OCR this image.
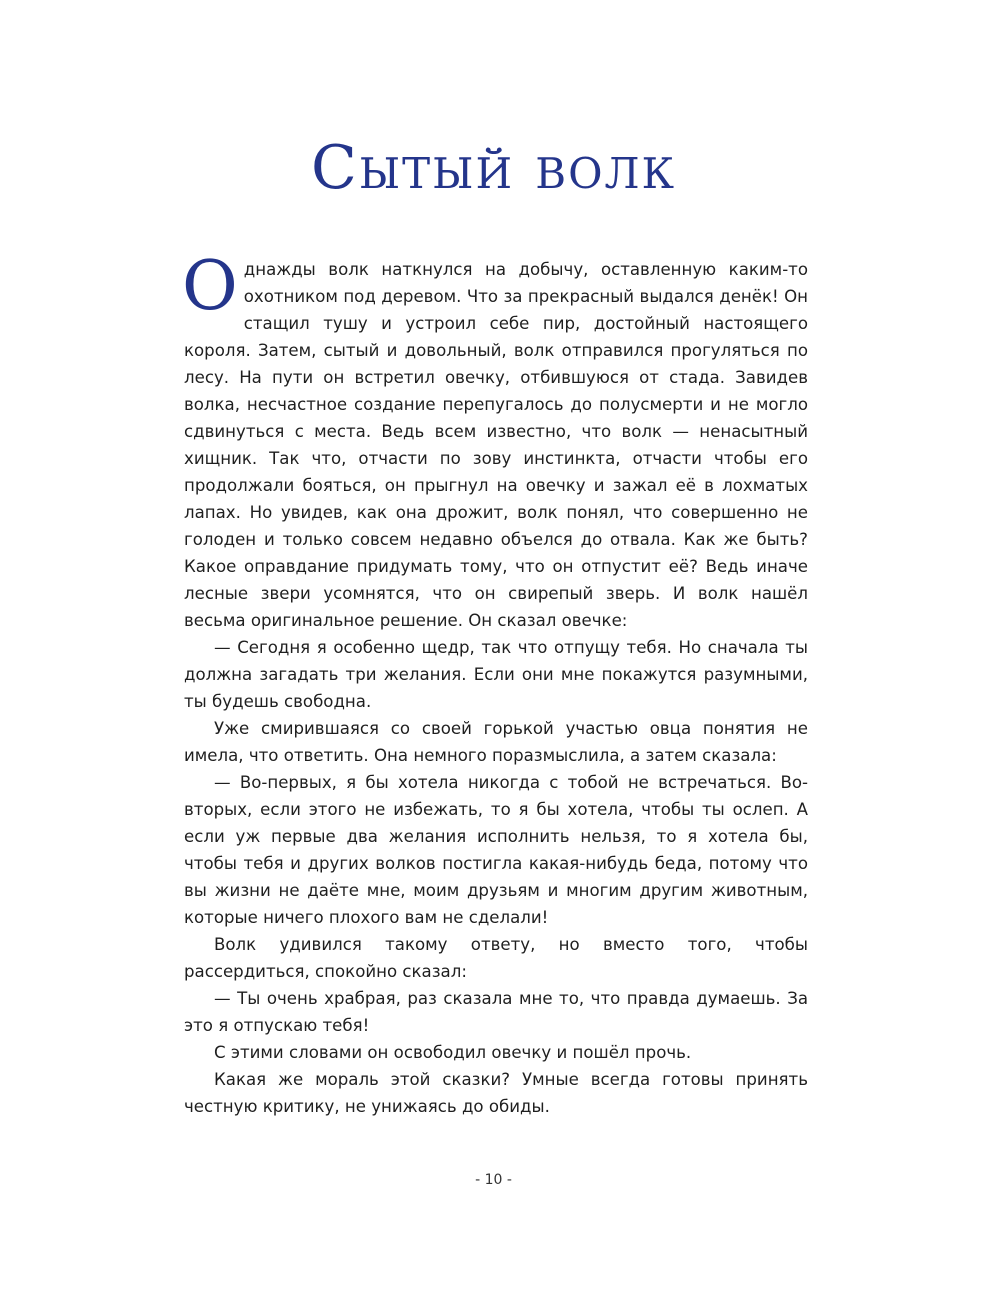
Сытый волк

Однажды волк наткнулся на добычу, оставленную каким-то охотником под деревом. Что за прекрасный выдался денёк! Он стащил тушу и устроил себе пир, достойный настоящего короля. Затем, сытый и довольный, волк отправился прогуляться по лесу. На пути он встретил овечку, отбившуюся от стада. Завидев волка, несчастное создание перепугалось до полусмерти и не могло сдвинуться с места. Ведь всем известно, что волк — ненасытный хищник. Так что, отчасти по зову инстинкта, отчасти чтобы его продолжали бояться, он прыгнул на овечку и зажал её в лохматых лапах. Но увидев, как она дрожит, волк понял, что совершенно не голоден и только совсем недавно объелся до отвала. Как же быть? Какое оправдание придумать тому, что он отпустит её? Ведь иначе лесные звери усомнятся, что он свирепый зверь. И волк нашёл весьма оригинальное решение. Он сказал овечке:

— Сегодня я особенно щедр, так что отпущу тебя. Но сначала ты должна загадать три желания. Если они мне покажутся разумными, ты будешь свободна.

Уже смирившаяся со своей горькой участью овца понятия не имела, что ответить. Она немного поразмыслила, а затем сказала:

— Во-первых, я бы хотела никогда с тобой не встречаться. Во-вторых, если этого не избежать, то я бы хотела, чтобы ты ослеп. А если уж первые два желания исполнить нельзя, то я хотела бы, чтобы тебя и других волков постигла какая-нибудь беда, потому что вы жизни не даёте мне, моим друзьям и многим другим животным, которые ничего плохого вам не сделали!

Волк удивился такому ответу, но вместо того, чтобы рассердиться, спокойно сказал:

— Ты очень храбрая, раз сказала мне то, что правда думаешь. За это я отпускаю тебя!

С этими словами он освободил овечку и пошёл прочь.

Какая же мораль этой сказки? Умные всегда готовы принять честную критику, не унижаясь до обиды.

- 10 -
